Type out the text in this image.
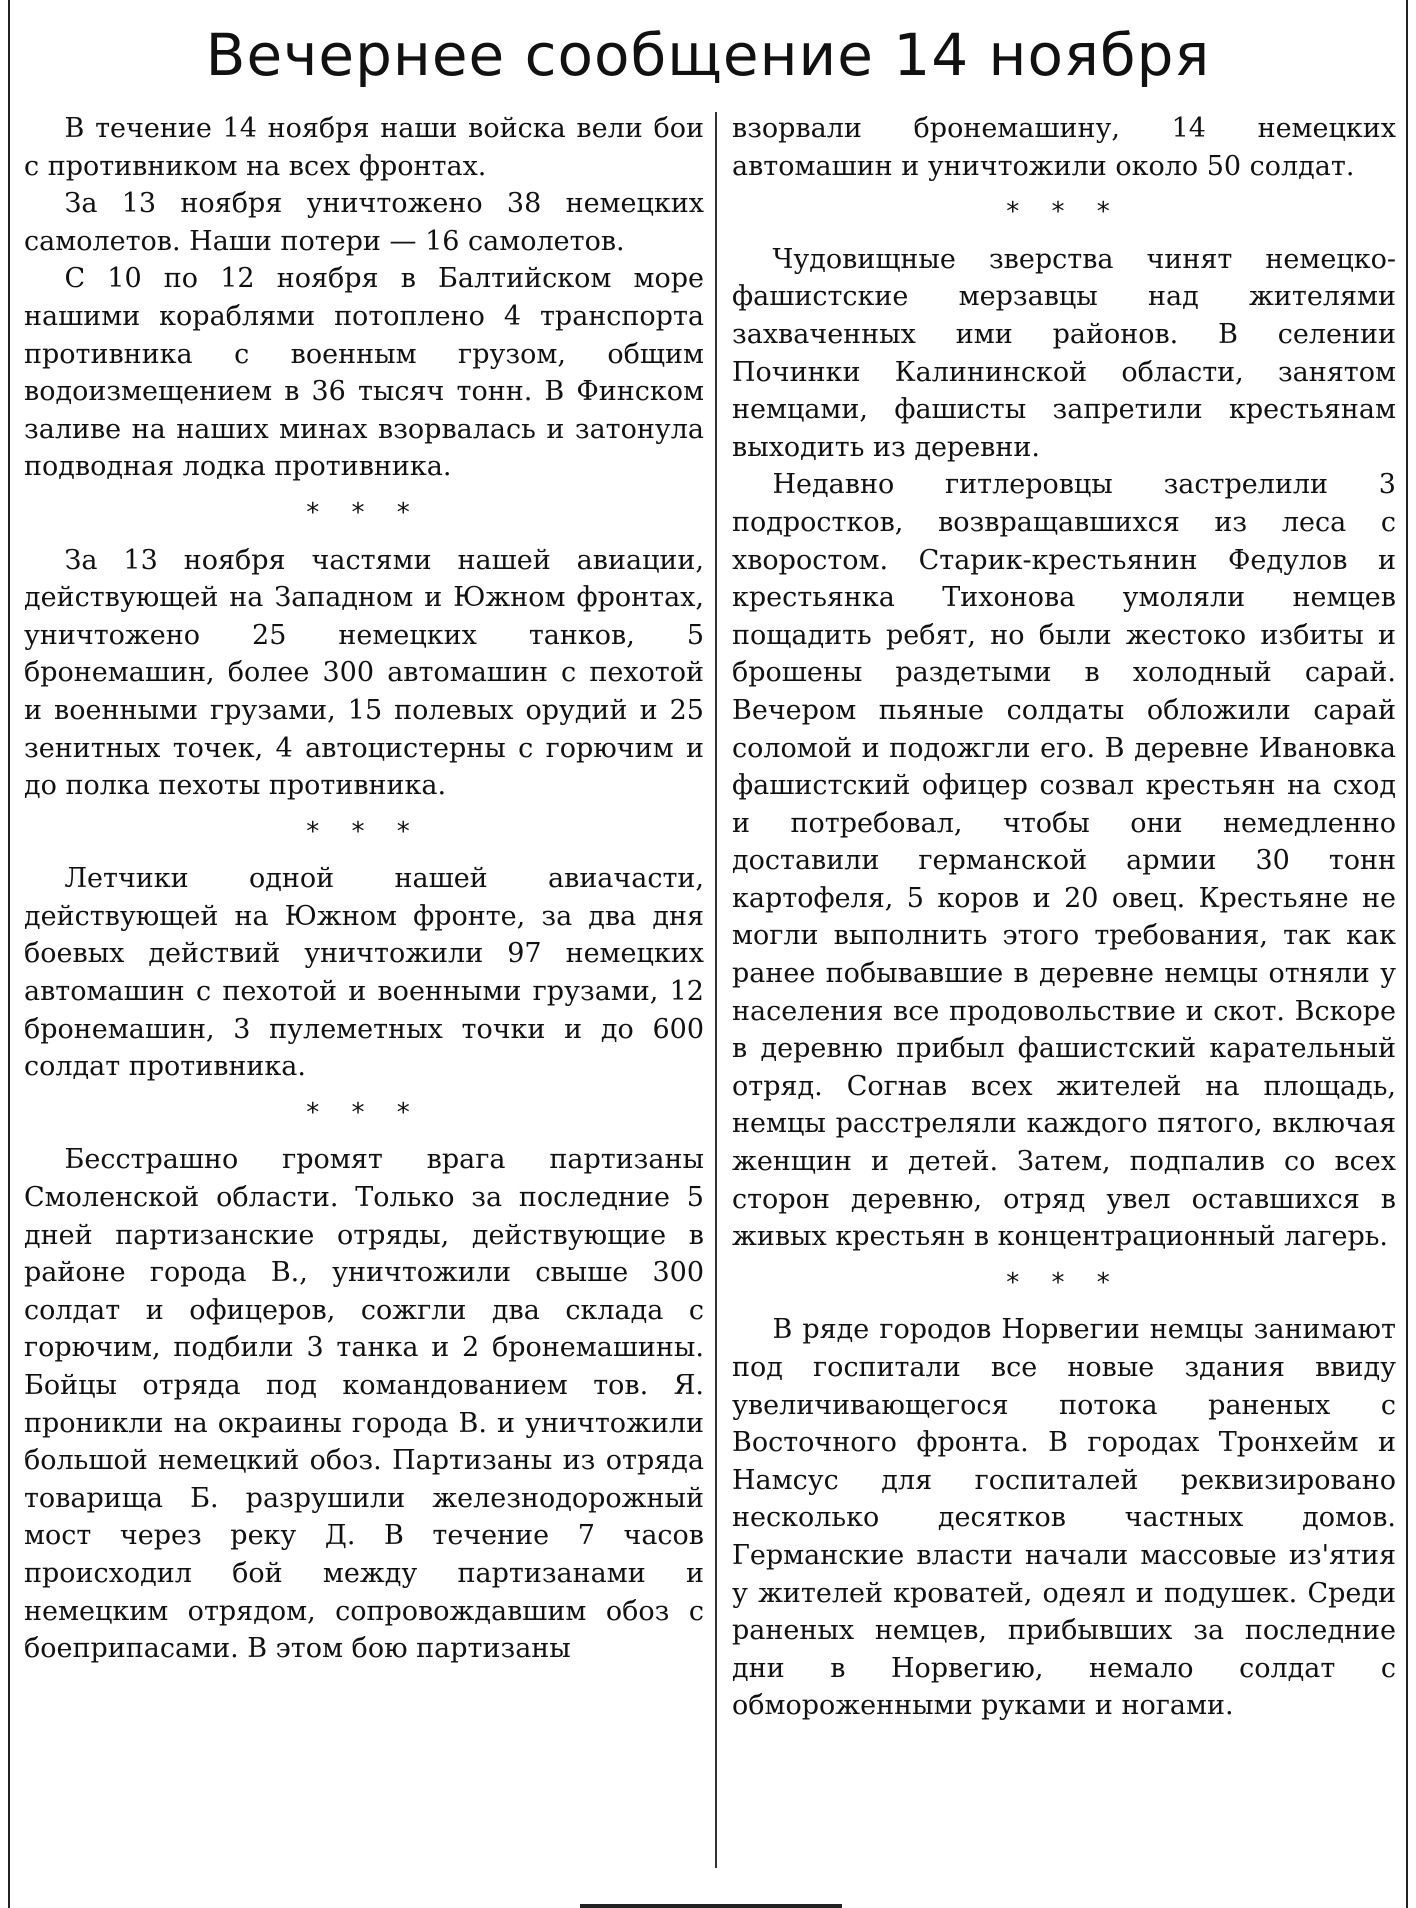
Вечернее сообщение 14 ноября

В течение 14 ноября наши войска вели бои с противником на всех фронтах.

За 13 ноября уничтожено 38 немецких самолетов. Наши потери — 16 самолетов.

С 10 по 12 ноября в Балтийском море нашими кораблями потоплено 4 транспорта противника с военным грузом, общим водоизмещением в 36 тысяч тонн. В Финском заливе на наших минах взорвалась и затонула подводная лодка противника.

* * *

За 13 ноября частями нашей авиации, действующей на Западном и Южном фронтах, уничтожено 25 немецких танков, 5 бронемашин, более 300 автомашин с пехотой и военными грузами, 15 полевых орудий и 25 зенитных точек, 4 автоцистерны с горючим и до полка пехоты противника.

* * *

Летчики одной нашей авиачасти, действующей на Южном фронте, за два дня боевых действий уничтожили 97 немецких автомашин с пехотой и военными грузами, 12 бронемашин, 3 пулеметных точки и до 600 солдат противника.

* * *

Бесстрашно громят врага партизаны Смоленской области. Только за последние 5 дней партизанские отряды, действующие в районе города В., уничтожили свыше 300 солдат и офицеров, сожгли два склада с горючим, подбили 3 танка и 2 бронемашины. Бойцы отряда под командованием тов. Я. проникли на окраины города В. и уничтожили большой немецкий обоз. Партизаны из отряда товарища Б. разрушили железнодорожный мост через реку Д. В течение 7 часов происходил бой между партизанами и немецким отрядом, сопровождавшим обоз с боеприпасами. В этом бою партизаны

взорвали бронемашину, 14 немецких автомашин и уничтожили около 50 солдат.

* * *

Чудовищные зверства чинят немецко-фашистские мерзавцы над жителями захваченных ими районов. В селении Починки Калининской области, занятом немцами, фашисты запретили крестьянам выходить из деревни.

Недавно гитлеровцы застрелили 3 подростков, возвращавшихся из леса с хворостом. Старик-крестьянин Федулов и крестьянка Тихонова умоляли немцев пощадить ребят, но были жестоко избиты и брошены раздетыми в холодный сарай. Вечером пьяные солдаты обложили сарай соломой и подожгли его. В деревне Ивановка фашистский офицер созвал крестьян на сход и потребовал, чтобы они немедленно доставили германской армии 30 тонн картофеля, 5 коров и 20 овец. Крестьяне не могли выполнить этого требования, так как ранее побывавшие в деревне немцы отняли у населения все продовольствие и скот. Вскоре в деревню прибыл фашистский карательный отряд. Согнав всех жителей на площадь, немцы расстреляли каждого пятого, включая женщин и детей. Затем, подпалив со всех сторон деревню, отряд увел оставшихся в живых крестьян в концентрационный лагерь.

* * *

В ряде городов Норвегии немцы занимают под госпитали все новые здания ввиду увеличивающегося потока раненых с Восточного фронта. В городах Тронхейм и Намсус для госпиталей реквизировано несколько десятков частных домов. Германские власти начали массовые из'ятия у жителей кроватей, одеял и подушек. Среди раненых немцев, прибывших за последние дни в Норвегию, немало солдат с обмороженными руками и ногами.
